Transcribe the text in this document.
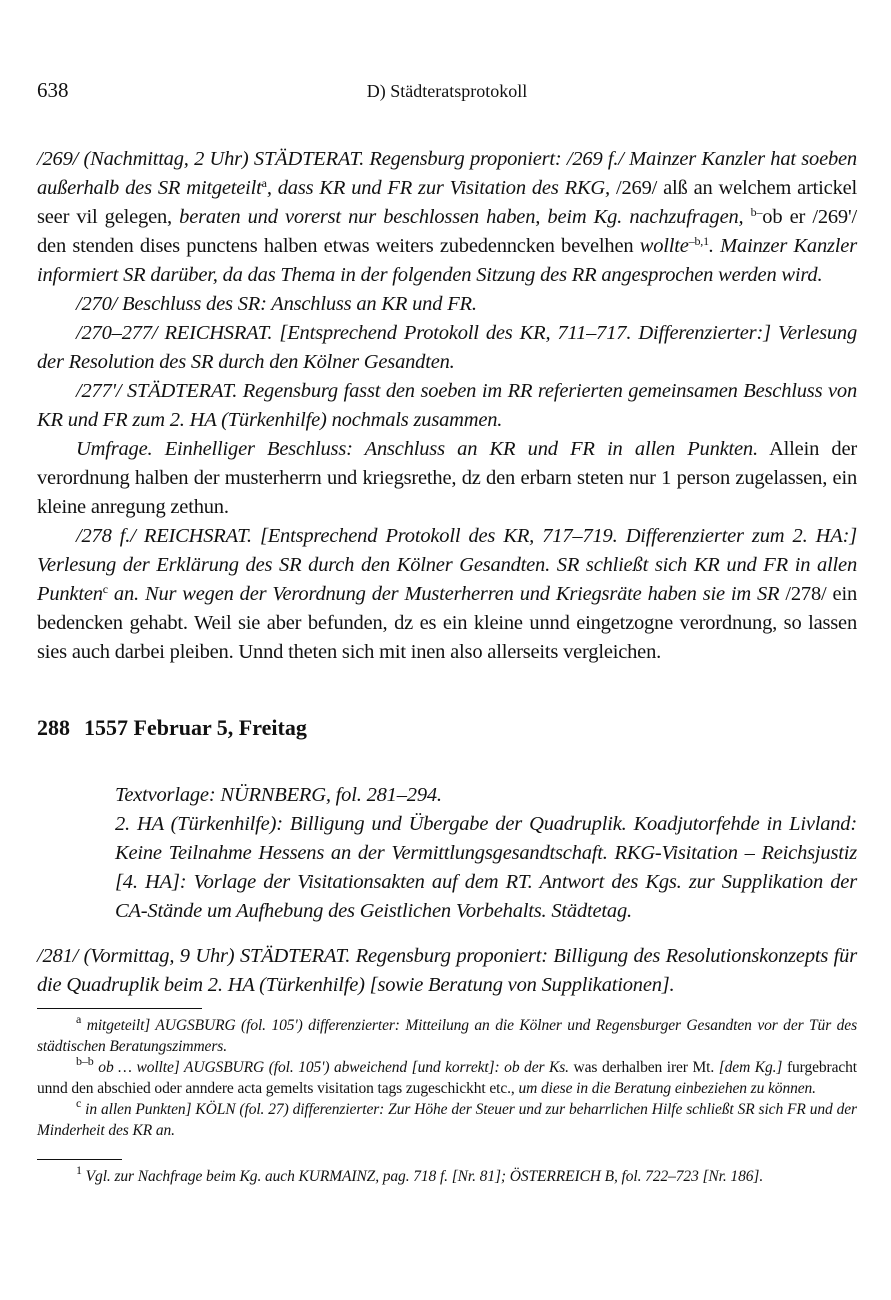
638	D) Städteratsprotokoll

/269/ (Nachmittag, 2 Uhr) STÄDTERAT. Regensburg proponiert: /269 f./ Mainzer Kanzler hat soeben außerhalb des SR mitgeteilt$^a$, dass KR und FR zur Visitation des RKG, /269/ alß an welchem artickel seer vil gelegen, beraten und vorerst nur beschlossen haben, beim Kg. nachzufragen, $^{b-}$ob er /269'/ den stenden dises punctens halben etwas weiters zubedenncken bevelhen wollte$^{-b,1}$. Mainzer Kanzler informiert SR darüber, da das Thema in der folgenden Sitzung des RR angesprochen werden wird.

/270/ Beschluss des SR: Anschluss an KR und FR.

/270–277/ REICHSRAT. [Entsprechend Protokoll des KR, 711–717. Differenzierter:] Verlesung der Resolution des SR durch den Kölner Gesandten.

/277'/ STÄDTERAT. Regensburg fasst den soeben im RR referierten gemeinsamen Beschluss von KR und FR zum 2. HA (Türkenhilfe) nochmals zusammen.

Umfrage. Einhelliger Beschluss: Anschluss an KR und FR in allen Punkten. Allein der verordnung halben der musterherrn und kriegsrethe, dz den erbarn steten nur 1 person zugelassen, ein kleine anregung zethun.

/278 f./ REICHSRAT. [Entsprechend Protokoll des KR, 717–719. Differenzierter zum 2. HA:] Verlesung der Erklärung des SR durch den Kölner Gesandten. SR schließt sich KR und FR in allen Punkten$^c$ an. Nur wegen der Verordnung der Musterherren und Kriegsräte haben sie im SR /278/ ein bedencken gehabt. Weil sie aber befunden, dz es ein kleine unnd eingetzogne verordnung, so lassen sies auch darbei pleiben. Unnd theten sich mit inen also allerseits vergleichen.

288 1557 Februar 5, Freitag

Textvorlage: NÜRNBERG, fol. 281–294.

2. HA (Türkenhilfe): Billigung und Übergabe der Quadruplik. Koadjutorfehde in Livland: Keine Teilnahme Hessens an der Vermittlungsgesandtschaft. RKG-Visitation – Reichsjustiz [4. HA]: Vorlage der Visitationsakten auf dem RT. Antwort des Kgs. zur Supplikation der CA-Stände um Aufhebung des Geistlichen Vorbehalts. Städtetag.

/281/ (Vormittag, 9 Uhr) STÄDTERAT. Regensburg proponiert: Billigung des Resolutionskonzepts für die Quadruplik beim 2. HA (Türkenhilfe) [sowie Beratung von Supplikationen].

$^a$ mitgeteilt] AUGSBURG (fol. 105') differenzierter: Mitteilung an die Kölner und Regensburger Gesandten vor der Tür des städtischen Beratungszimmers.

$^{b-b}$ ob … wollte] AUGSBURG (fol. 105') abweichend [und korrekt]: ob der Ks. was derhalben irer Mt. [dem Kg.] furgebracht unnd den abschied oder anndere acta gemelts visitation tags zugeschickht etc., um diese in die Beratung einbeziehen zu können.

$^c$ in allen Punkten] KÖLN (fol. 27) differenzierter: Zur Höhe der Steuer und zur beharrlichen Hilfe schließt SR sich FR und der Minderheit des KR an.

$^1$ Vgl. zur Nachfrage beim Kg. auch KURMAINZ, pag. 718 f. [Nr. 81]; ÖSTERREICH B, fol. 722–723 [Nr. 186].
